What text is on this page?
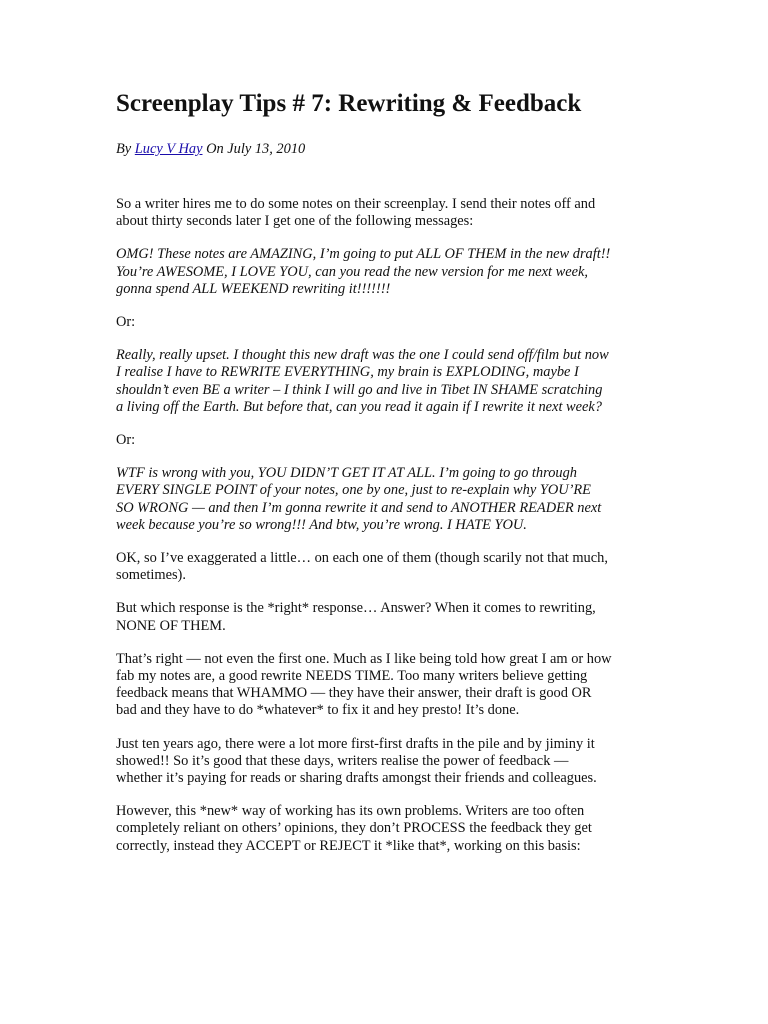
Screenplay Tips # 7: Rewriting & Feedback
By Lucy V Hay On July 13, 2010

So a writer hires me to do some notes on their screenplay. I send their notes off and
about thirty seconds later I get one of the following messages:

OMG! These notes are AMAZING, I’m going to put ALL OF THEM in the new draft!!
You’re AWESOME, I LOVE YOU, can you read the new version for me next week,
gonna spend ALL WEEKEND rewriting it!!!!!!!

Or:

Really, really upset. I thought this new draft was the one I could send off/film but now
I realise I have to REWRITE EVERYTHING, my brain is EXPLODING, maybe I
shouldn’t even BE a writer – I think I will go and live in Tibet IN SHAME scratching
a living off the Earth. But before that, can you read it again if I rewrite it next week?

Or:

WTF is wrong with you, YOU DIDN’T GET IT AT ALL. I’m going to go through
EVERY SINGLE POINT of your notes, one by one, just to re-explain why YOU’RE
SO WRONG — and then I’m gonna rewrite it and send to ANOTHER READER next
week because you’re so wrong!!! And btw, you’re wrong. I HATE YOU.

OK, so I’ve exaggerated a little… on each one of them (though scarily not that much,
sometimes).

But which response is the *right* response… Answer? When it comes to rewriting,
NONE OF THEM.

That’s right — not even the first one. Much as I like being told how great I am or how
fab my notes are, a good rewrite NEEDS TIME. Too many writers believe getting
feedback means that WHAMMO — they have their answer, their draft is good OR
bad and they have to do *whatever* to fix it and hey presto! It’s done.

Just ten years ago, there were a lot more first-first drafts in the pile and by jiminy it
showed!! So it’s good that these days, writers realise the power of feedback —
whether it’s paying for reads or sharing drafts amongst their friends and colleagues.

However, this *new* way of working has its own problems. Writers are too often
completely reliant on others’ opinions, they don’t PROCESS the feedback they get
correctly, instead they ACCEPT or REJECT it *like that*, working on this basis:
